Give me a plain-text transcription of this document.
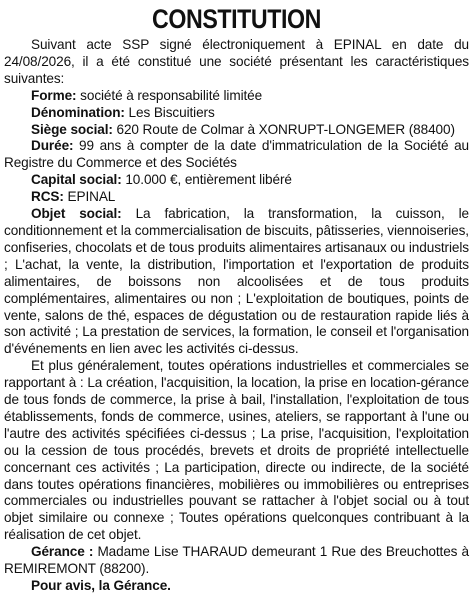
CONSTITUTION

Suivant acte SSP signé électroniquement à EPINAL en date du 24/08/2026, il a été constitué une société présentant les caractéristiques suivantes:

Forme: société à responsabilité limitée

Dénomination: Les Biscuitiers

Siège social: 620 Route de Colmar à XONRUPT-LONGEMER (88400)

Durée: 99 ans à compter de la date d'immatriculation de la Société au Registre du Commerce et des Sociétés

Capital social: 10.000 €, entièrement libéré

RCS: EPINAL

Objet social: La fabrication, la transformation, la cuisson, le conditionnement et la commercialisation de biscuits, pâtisseries, viennoiseries, confiseries, chocolats et de tous produits alimentaires artisanaux ou industriels ; L'achat, la vente, la distribution, l'importation et l'exportation de produits alimentaires, de boissons non alcoolisées et de tous produits complémentaires, alimentaires ou non ; L'exploitation de boutiques, points de vente, salons de thé, espaces de dégustation ou de restauration rapide liés à son activité ; La prestation de services, la formation, le conseil et l'organisation d'événements en lien avec les activités ci-dessus.

Et plus généralement, toutes opérations industrielles et commerciales se rapportant à : La création, l'acquisition, la location, la prise en location-gérance de tous fonds de commerce, la prise à bail, l'installation, l'exploitation de tous établissements, fonds de commerce, usines, ateliers, se rapportant à l'une ou l'autre des activités spécifiées ci-dessus ; La prise, l'acquisition, l'exploitation ou la cession de tous procédés, brevets et droits de propriété intellectuelle concernant ces activités ; La participation, directe ou indirecte, de la société dans toutes opérations financières, mobilières ou immobilières ou entreprises commerciales ou industrielles pouvant se rattacher à l'objet social ou à tout objet similaire ou connexe ; Toutes opérations quelconques contribuant à la réalisation de cet objet.

Gérance : Madame Lise THARAUD demeurant 1 Rue des Breuchottes à REMIREMONT (88200).

Pour avis, la Gérance.
